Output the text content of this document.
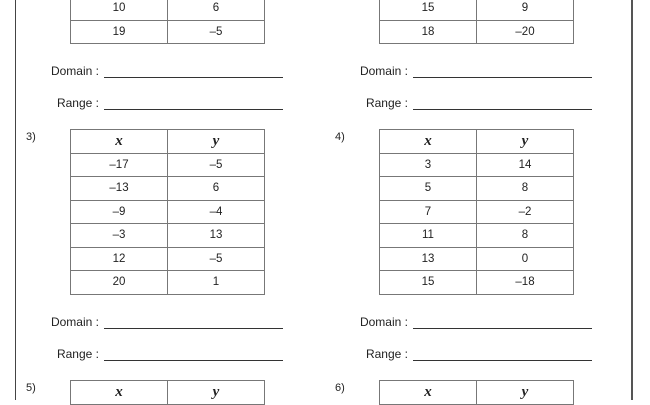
10	6
19	–5
Domain :
Range :
15	9
18	–20
Domain :
Range :
3)	x	y
–17	–5
–13	6
–9	–4
–3	13
12	–5
20	1
Domain :
Range :
4)	x	y
3	14
5	8
7	–2
11	8
13	0
15	–18
Domain :
Range :
5)	x	y	6)	x	y
